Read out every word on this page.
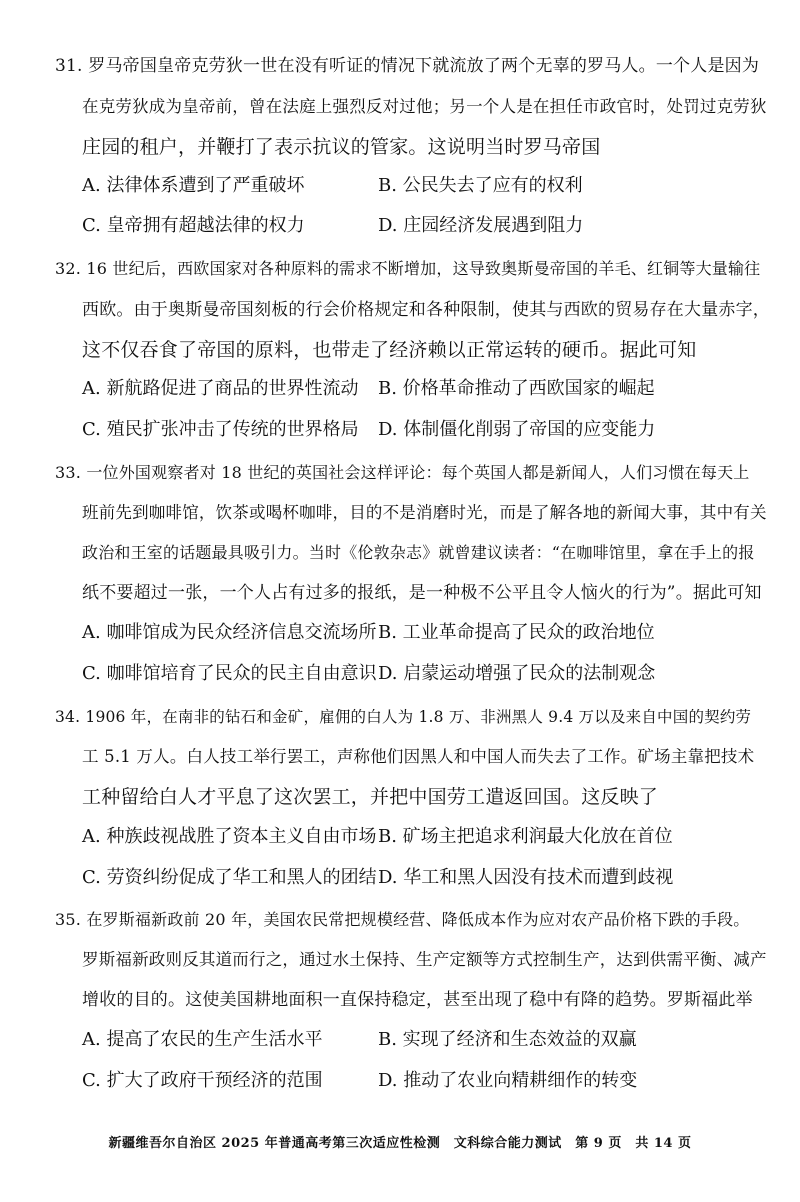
31. 罗马帝国皇帝克劳狄一世在没有听证的情况下就流放了两个无辜的罗马人。一个人是因为
在克劳狄成为皇帝前，曾在法庭上强烈反对过他；另一个人是在担任市政官时，处罚过克劳狄
庄园的租户，并鞭打了表示抗议的管家。这说明当时罗马帝国
A. 法律体系遭到了严重破坏	B. 公民失去了应有的权利
C. 皇帝拥有超越法律的权力	D. 庄园经济发展遇到阻力
32. 16 世纪后，西欧国家对各种原料的需求不断增加，这导致奥斯曼帝国的羊毛、红铜等大量输往
西欧。由于奥斯曼帝国刻板的行会价格规定和各种限制，使其与西欧的贸易存在大量赤字，
这不仅吞食了帝国的原料，也带走了经济赖以正常运转的硬币。据此可知
A. 新航路促进了商品的世界性流动 B. 价格革命推动了西欧国家的崛起
C. 殖民扩张冲击了传统的世界格局 D. 体制僵化削弱了帝国的应变能力
33. 一位外国观察者对 18 世纪的英国社会这样评论：每个英国人都是新闻人，人们习惯在每天上
班前先到咖啡馆，饮茶或喝杯咖啡，目的不是消磨时光，而是了解各地的新闻大事，其中有关
政治和王室的话题最具吸引力。当时《伦敦杂志》就曾建议读者：“在咖啡馆里，拿在手上的报
纸不要超过一张，一个人占有过多的报纸，是一种极不公平且令人恼火的行为”。据此可知
A. 咖啡馆成为民众经济信息交流场所 B. 工业革命提高了民众的政治地位
C. 咖啡馆培育了民众的民主自由意识 D. 启蒙运动增强了民众的法制观念
34. 1906 年，在南非的钻石和金矿，雇佣的白人为 1.8 万、非洲黑人 9.4 万以及来自中国的契约劳
工 5.1 万人。白人技工举行罢工，声称他们因黑人和中国人而失去了工作。矿场主靠把技术
工种留给白人才平息了这次罢工，并把中国劳工遣返回国。这反映了
A. 种族歧视战胜了资本主义自由市场 B. 矿场主把追求利润最大化放在首位
C. 劳资纠纷促成了华工和黑人的团结 D. 华工和黑人因没有技术而遭到歧视
35. 在罗斯福新政前 20 年，美国农民常把规模经营、降低成本作为应对农产品价格下跌的手段。
罗斯福新政则反其道而行之，通过水土保持、生产定额等方式控制生产，达到供需平衡、减产
增收的目的。这使美国耕地面积一直保持稳定，甚至出现了稳中有降的趋势。罗斯福此举
A. 提高了农民的生产生活水平	B. 实现了经济和生态效益的双赢
C. 扩大了政府干预经济的范围	D. 推动了农业向精耕细作的转变
新疆维吾尔自治区 2025 年普通高考第三次适应性检测　文科综合能力测试　第 9 页　共 14 页
